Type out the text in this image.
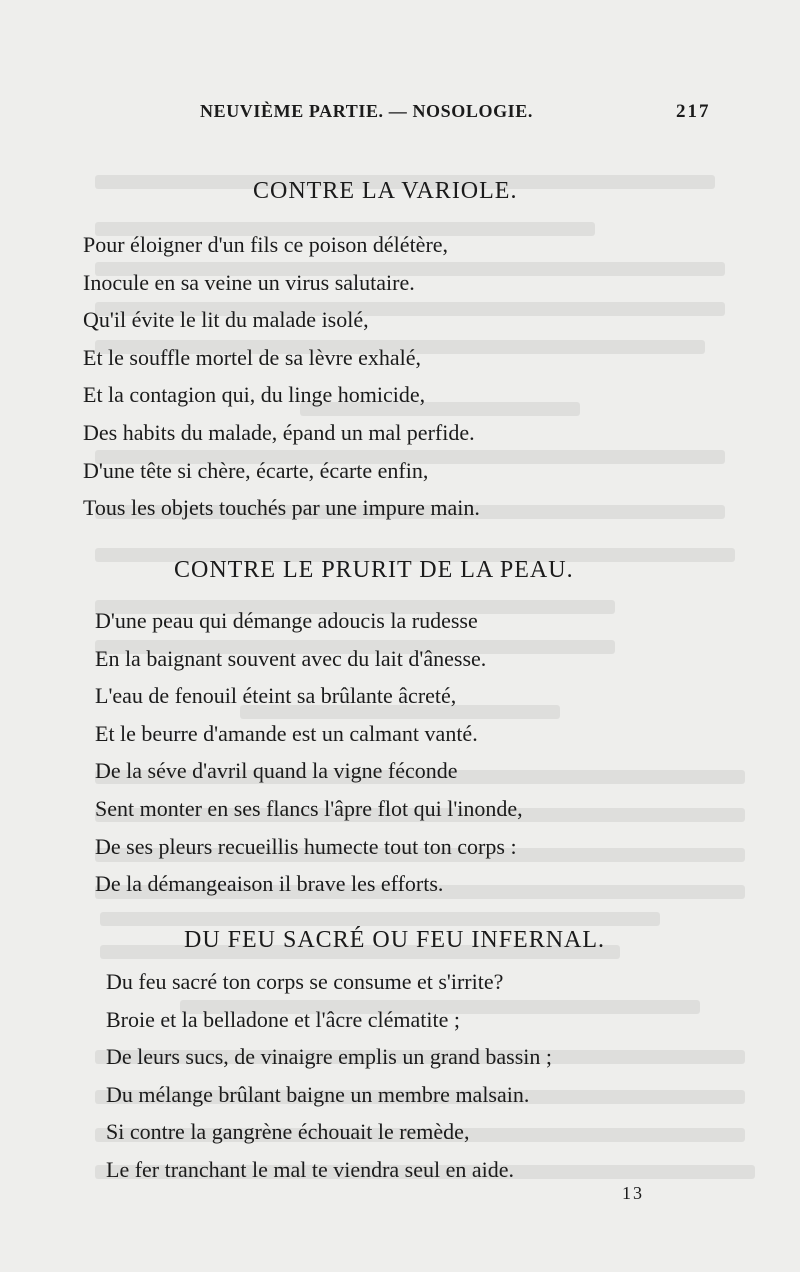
NEUVIÈME PARTIE. — NOSOLOGIE.	217
CONTRE LA VARIOLE.
Pour éloigner d'un fils ce poison délétère,
Inocule en sa veine un virus salutaire.
Qu'il évite le lit du malade isolé,
Et le souffle mortel de sa lèvre exhalé,
Et la contagion qui, du linge homicide,
Des habits du malade, épand un mal perfide.
D'une tête si chère, écarte, écarte enfin,
Tous les objets touchés par une impure main.
CONTRE LE PRURIT DE LA PEAU.
D'une peau qui démange adoucis la rudesse
En la baignant souvent avec du lait d'ânesse.
L'eau de fenouil éteint sa brûlante âcreté,
Et le beurre d'amande est un calmant vanté.
De la séve d'avril quand la vigne féconde
Sent monter en ses flancs l'âpre flot qui l'inonde,
De ses pleurs recueillis humecte tout ton corps :
De la démangeaison il brave les efforts.
DU FEU SACRÉ OU FEU INFERNAL.
Du feu sacré ton corps se consume et s'irrite?
Broie et la belladone et l'âcre clématite ;
De leurs sucs, de vinaigre emplis un grand bassin ;
Du mélange brûlant baigne un membre malsain.
Si contre la gangrène échouait le remède,
Le fer tranchant le mal te viendra seul en aide.
13
